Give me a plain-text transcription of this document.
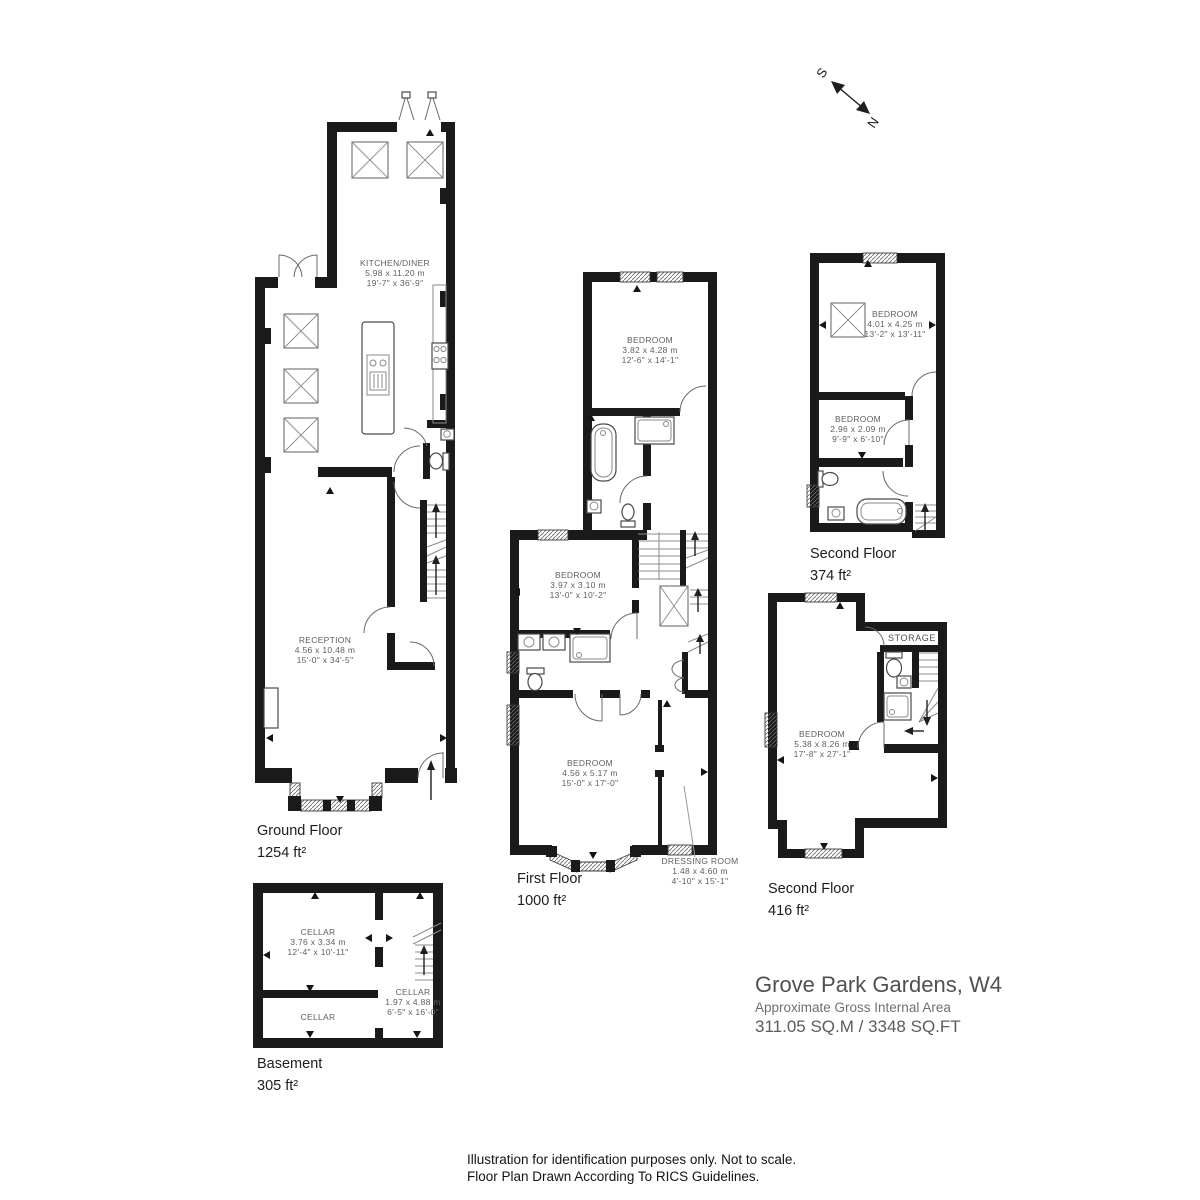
KITCHEN/DINER
5.98 x 11.20 m
19'-7" x 36'-9"
RECEPTION
4.56 x 10.48 m
15'-0" x 34'-5"
Ground Floor
1254 ft²
BEDROOM
3.82 x 4.28 m
12'-6" x 14'-1"
BEDROOM
3.97 x 3.10 m
13'-0" x 10'-2"
BEDROOM
4.56 x 5.17 m
15'-0" x 17'-0"
DRESSING ROOM
1.48 x 4.60 m
4'-10" x 15'-1"
First Floor
1000 ft²
BEDROOM
4.01 x 4.25 m
13'-2" x 13'-11"
BEDROOM
2.96 x 2.09 m
9'-9" x 6'-10"
Second Floor
374 ft²
STORAGE
BEDROOM
5.38 x 8.26 m
17'-8" x 27'-1"
Second Floor
416 ft²
CELLAR
3.76 x 3.34 m
12'-4" x 10'-11"
CELLAR
CELLAR
1.97 x 4.88 m
6'-5" x 16'-0"
Basement
305 ft²
S
N
Grove Park Gardens, W4
Approximate Gross Internal Area
311.05 SQ.M / 3348 SQ.FT
Illustration for identification purposes only. Not to scale.
Floor Plan Drawn According To RICS Guidelines.
